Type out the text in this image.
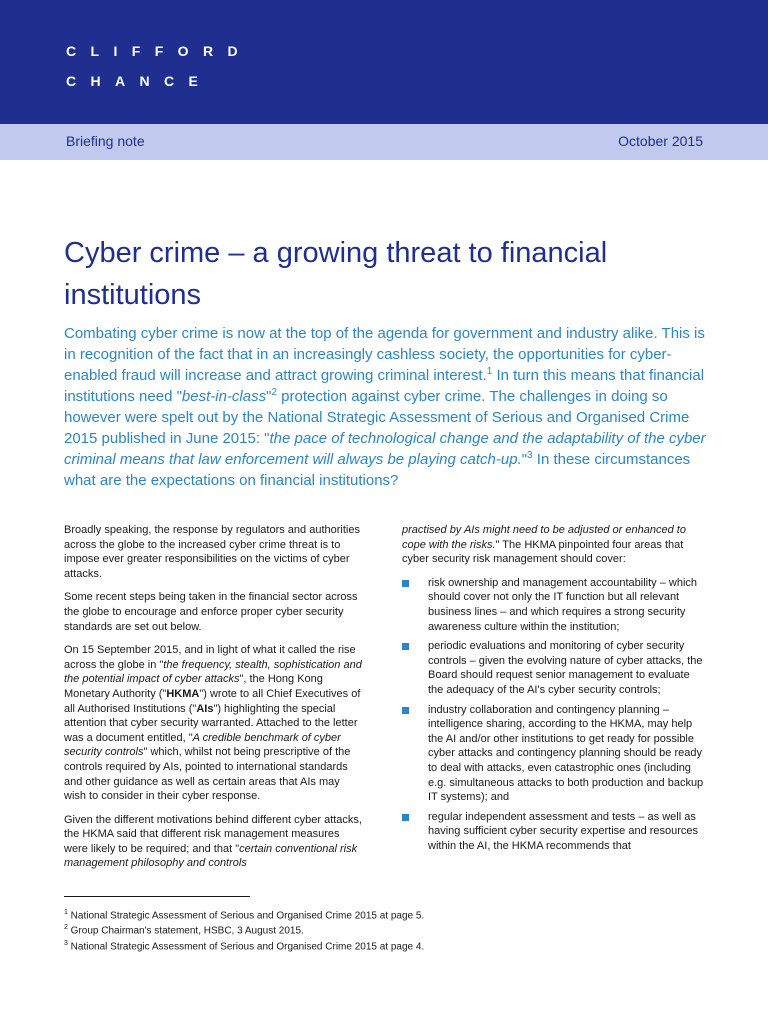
CLIFFORD
CHANCE
Briefing note	October 2015
Cyber crime – a growing threat to financial institutions

Combating cyber crime is now at the top of the agenda for government and industry alike. This is in recognition of the fact that in an increasingly cashless society, the opportunities for cyber-enabled fraud will increase and attract growing criminal interest.$^1$ In turn this means that financial institutions need "best-in-class"$^2$ protection against cyber crime. The challenges in doing so however were spelt out by the National Strategic Assessment of Serious and Organised Crime 2015 published in June 2015: "the pace of technological change and the adaptability of the cyber criminal means that law enforcement will always be playing catch-up."$^3$ In these circumstances what are the expectations on financial institutions?

Broadly speaking, the response by regulators and authorities across the globe to the increased cyber crime threat is to impose ever greater responsibilities on the victims of cyber attacks.

Some recent steps being taken in the financial sector across the globe to encourage and enforce proper cyber security standards are set out below.

On 15 September 2015, and in light of what it called the rise across the globe in "the frequency, stealth, sophistication and the potential impact of cyber attacks", the Hong Kong Monetary Authority ("HKMA") wrote to all Chief Executives of all Authorised Institutions ("AIs") highlighting the special attention that cyber security warranted. Attached to the letter was a document entitled, "A credible benchmark of cyber security controls" which, whilst not being prescriptive of the controls required by AIs, pointed to international standards and other guidance as well as certain areas that AIs may wish to consider in their cyber response.

Given the different motivations behind different cyber attacks, the HKMA said that different risk management measures were likely to be required; and that "certain conventional risk management philosophy and controls

practised by AIs might need to be adjusted or enhanced to cope with the risks." The HKMA pinpointed four areas that cyber security risk management should cover:

risk ownership and management accountability – which should cover not only the IT function but all relevant business lines – and which requires a strong security awareness culture within the institution;
periodic evaluations and monitoring of cyber security controls – given the evolving nature of cyber attacks, the Board should request senior management to evaluate the adequacy of the AI's cyber security controls;
industry collaboration and contingency planning – intelligence sharing, according to the HKMA, may help the AI and/or other institutions to get ready for possible cyber attacks and contingency planning should be ready to deal with attacks, even catastrophic ones (including e.g. simultaneous attacks to both production and backup IT systems); and
regular independent assessment and tests – as well as having sufficient cyber security expertise and resources within the AI, the HKMA recommends that
$^1$ National Strategic Assessment of Serious and Organised Crime 2015 at page 5.
$^2$ Group Chairman's statement, HSBC, 3 August 2015.
$^3$ National Strategic Assessment of Serious and Organised Crime 2015 at page 4.
